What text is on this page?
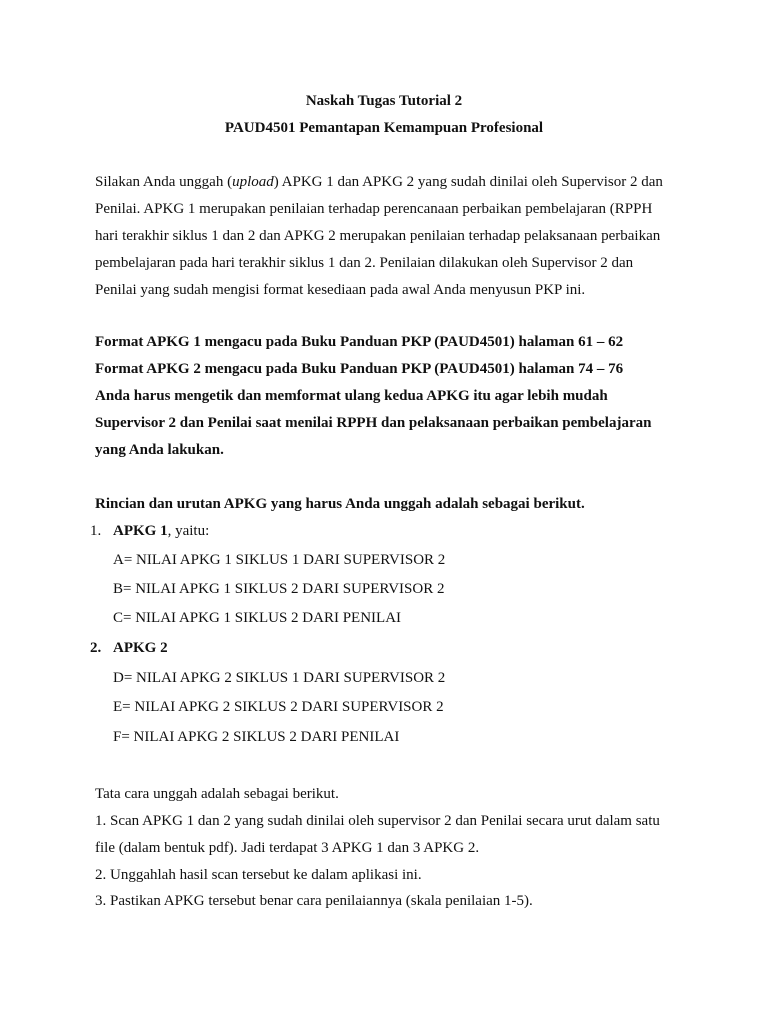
Naskah Tugas Tutorial 2
PAUD4501 Pemantapan Kemampuan Profesional
Silakan Anda unggah (upload) APKG 1 dan APKG 2 yang sudah dinilai oleh Supervisor 2 dan
Penilai. APKG 1 merupakan penilaian terhadap perencanaan perbaikan pembelajaran (RPPH
hari terakhir siklus 1 dan 2 dan APKG 2 merupakan penilaian terhadap pelaksanaan perbaikan
pembelajaran pada hari terakhir siklus 1 dan 2. Penilaian dilakukan oleh Supervisor 2 dan
Penilai yang sudah mengisi format kesediaan pada awal Anda menyusun PKP ini.
Format APKG 1 mengacu pada Buku Panduan PKP (PAUD4501) halaman 61 – 62
Format APKG 2 mengacu pada Buku Panduan PKP (PAUD4501) halaman 74 – 76
Anda harus mengetik dan memformat ulang kedua APKG itu agar lebih mudah
Supervisor 2 dan Penilai saat menilai RPPH dan pelaksanaan perbaikan pembelajaran
yang Anda lakukan.
Rincian dan urutan APKG yang harus Anda unggah adalah sebagai berikut.
1. APKG 1, yaitu:
A= NILAI APKG 1 SIKLUS 1 DARI SUPERVISOR 2
B= NILAI APKG 1 SIKLUS 2 DARI SUPERVISOR 2
C= NILAI APKG 1 SIKLUS 2 DARI PENILAI
2. APKG 2
D= NILAI APKG 2 SIKLUS 1 DARI SUPERVISOR 2
E= NILAI APKG 2 SIKLUS 2 DARI SUPERVISOR 2
F= NILAI APKG 2 SIKLUS 2 DARI PENILAI
Tata cara unggah adalah sebagai berikut.
1. Scan APKG 1 dan 2 yang sudah dinilai oleh supervisor 2 dan Penilai secara urut dalam satu
file (dalam bentuk pdf). Jadi terdapat 3 APKG 1 dan 3 APKG 2.
2. Unggahlah hasil scan tersebut ke dalam aplikasi ini.
3. Pastikan APKG tersebut benar cara penilaiannya (skala penilaian 1-5).
